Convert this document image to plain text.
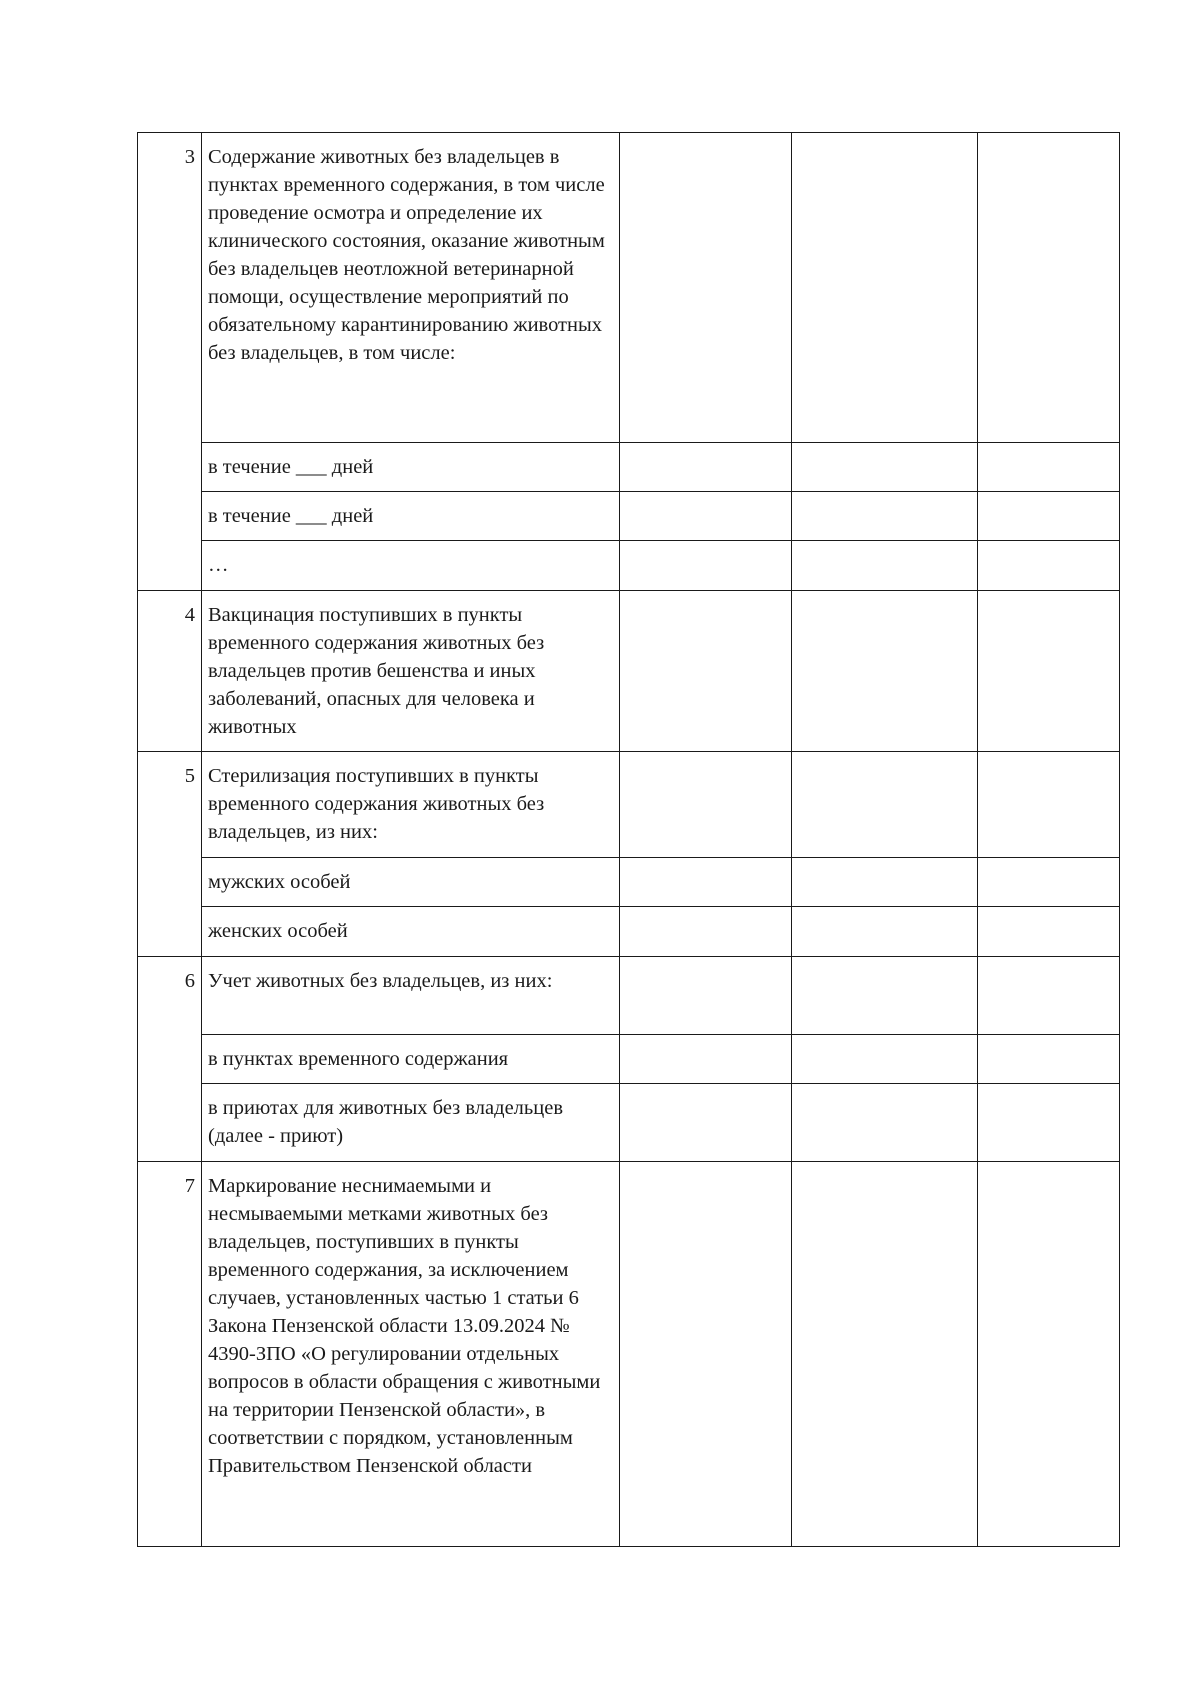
3	Содержание животных без владельцев в пунктах временного содержания, в том числе проведение осмотра и определение их клинического состояния, оказание животным без владельцев неотложной ветеринарной помощи, осуществление мероприятий по обязательному карантинированию животных без владельцев, в том числе:			

	в течение ___ дней			

	в течение ___ дней			

	…			

4	Вакцинация поступивших в пункты временного содержания животных без владельцев против бешенства и иных заболеваний, опасных для человека и животных			

5	Стерилизация поступивших в пункты временного содержания животных без владельцев, из них:			

	мужских особей			

	женских особей			

6	Учет животных без владельцев, из них:			

	в пунктах временного содержания			

	в приютах для животных без владельцев (далее - приют)			

7	Маркирование неснимаемыми и несмываемыми метками животных без владельцев, поступивших в пункты временного содержания, за исключением случаев, установленных частью 1 статьи 6 Закона Пензенской области 13.09.2024 № 4390-ЗПО «О регулировании отдельных вопросов в области обращения с животными на территории Пензенской области», в соответствии с порядком, установленным Правительством Пензенской области			
